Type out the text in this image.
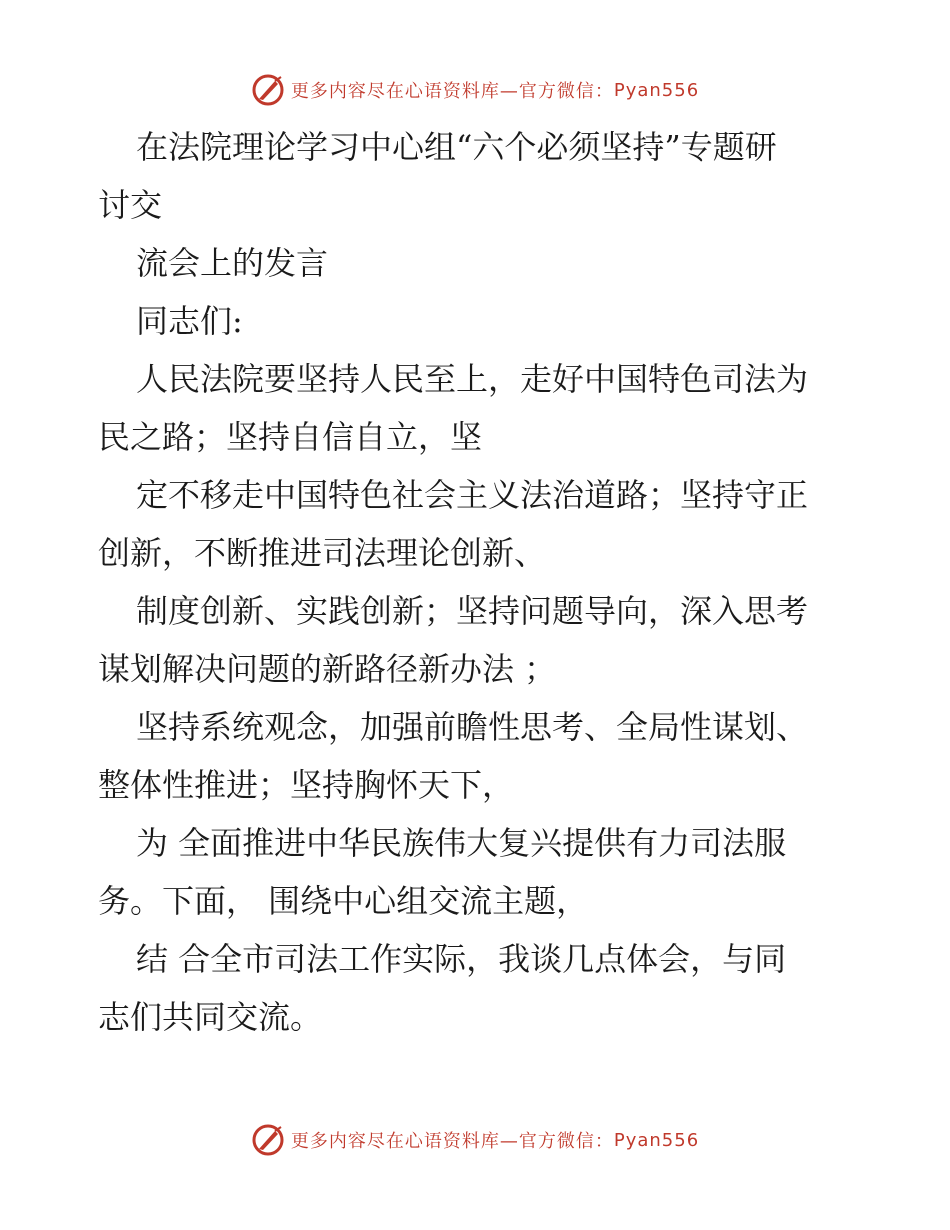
更多内容尽在心语资料库—官方微信： Pyan556
在法院理论学习中心组“六个必须坚持”专题研
讨交
流会上的发言
同志们:
人民法院要坚持人民至上，走好中国特色司法为
民之路；坚持自信自立，坚
定不移走中国特色社会主义法治道路；坚持守正
创新，不断推进司法理论创新、
制度创新、实践创新；坚持问题导向，深入思考
谋划解决问题的新路径新办法 ；
坚持系统观念，加强前瞻性思考、全局性谋划、
整体性推进；坚持胸怀天下，
为 全面推进中华民族伟大复兴提供有力司法服
务。下面， 围绕中心组交流主题，
结 合全市司法工作实际，我谈几点体会，与同
志们共同交流。
更多内容尽在心语资料库—官方微信： Pyan556
